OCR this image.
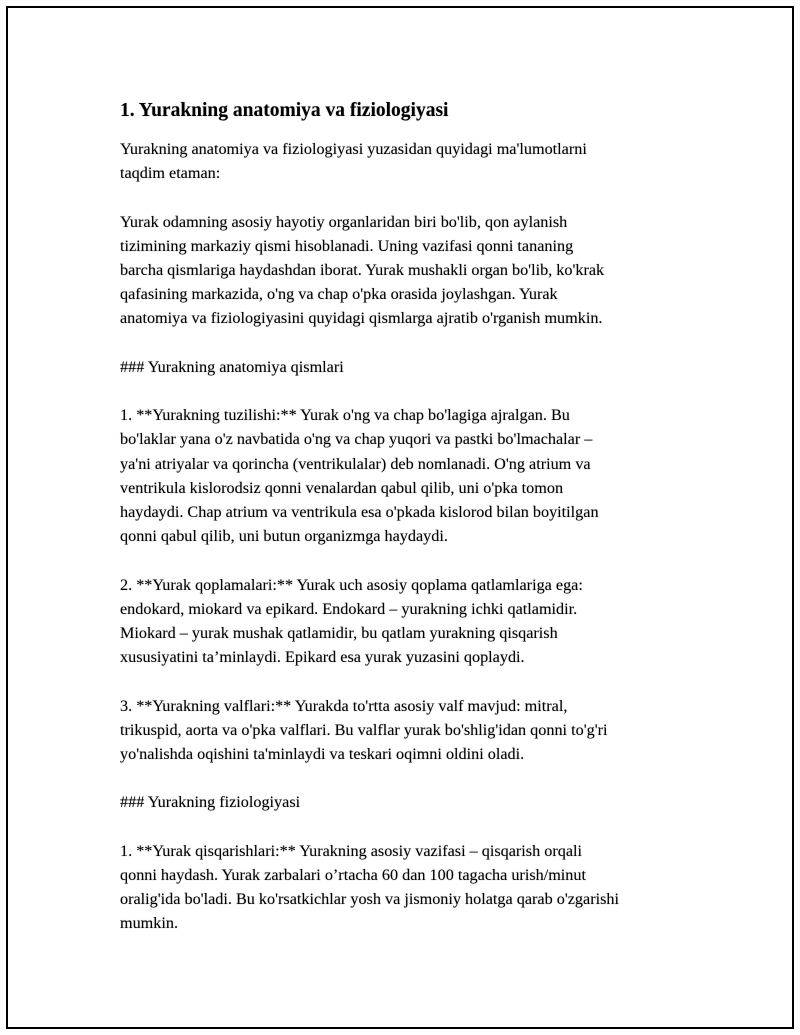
1. Yurakning anatomiya va fiziologiyasi
Yurakning anatomiya va fiziologiyasi yuzasidan quyidagi ma'lumotlarni
taqdim etaman:
Yurak odamning asosiy hayotiy organlaridan biri bo'lib, qon aylanish
tizimining markaziy qismi hisoblanadi. Uning vazifasi qonni tananing
barcha qismlariga haydashdan iborat. Yurak mushakli organ bo'lib, ko'krak
qafasining markazida, o'ng va chap o'pka orasida joylashgan. Yurak
anatomiya va fiziologiyasini quyidagi qismlarga ajratib o'rganish mumkin.
### Yurakning anatomiya qismlari
1. **Yurakning tuzilishi:** Yurak o'ng va chap bo'lagiga ajralgan. Bu
bo'laklar yana o'z navbatida o'ng va chap yuqori va pastki bo'lmachalar –
ya'ni atriyalar va qorincha (ventrikulalar) deb nomlanadi. O'ng atrium va
ventrikula kislorodsiz qonni venalardan qabul qilib, uni o'pka tomon
haydaydi. Chap atrium va ventrikula esa o'pkada kislorod bilan boyitilgan
qonni qabul qilib, uni butun organizmga haydaydi.
2. **Yurak qoplamalari:** Yurak uch asosiy qoplama qatlamlariga ega:
endokard, miokard va epikard. Endokard – yurakning ichki qatlamidir.
Miokard – yurak mushak qatlamidir, bu qatlam yurakning qisqarish
xususiyatini ta’minlaydi. Epikard esa yurak yuzasini qoplaydi.
3. **Yurakning valflari:** Yurakda to'rtta asosiy valf mavjud: mitral,
trikuspid, aorta va o'pka valflari. Bu valflar yurak bo'shlig'idan qonni to'g'ri
yo'nalishda oqishini ta'minlaydi va teskari oqimni oldini oladi.
### Yurakning fiziologiyasi
1. **Yurak qisqarishlari:** Yurakning asosiy vazifasi – qisqarish orqali
qonni haydash. Yurak zarbalari o’rtacha 60 dan 100 tagacha urish/minut
oralig'ida bo'ladi. Bu ko'rsatkichlar yosh va jismoniy holatga qarab o'zgarishi
mumkin.
